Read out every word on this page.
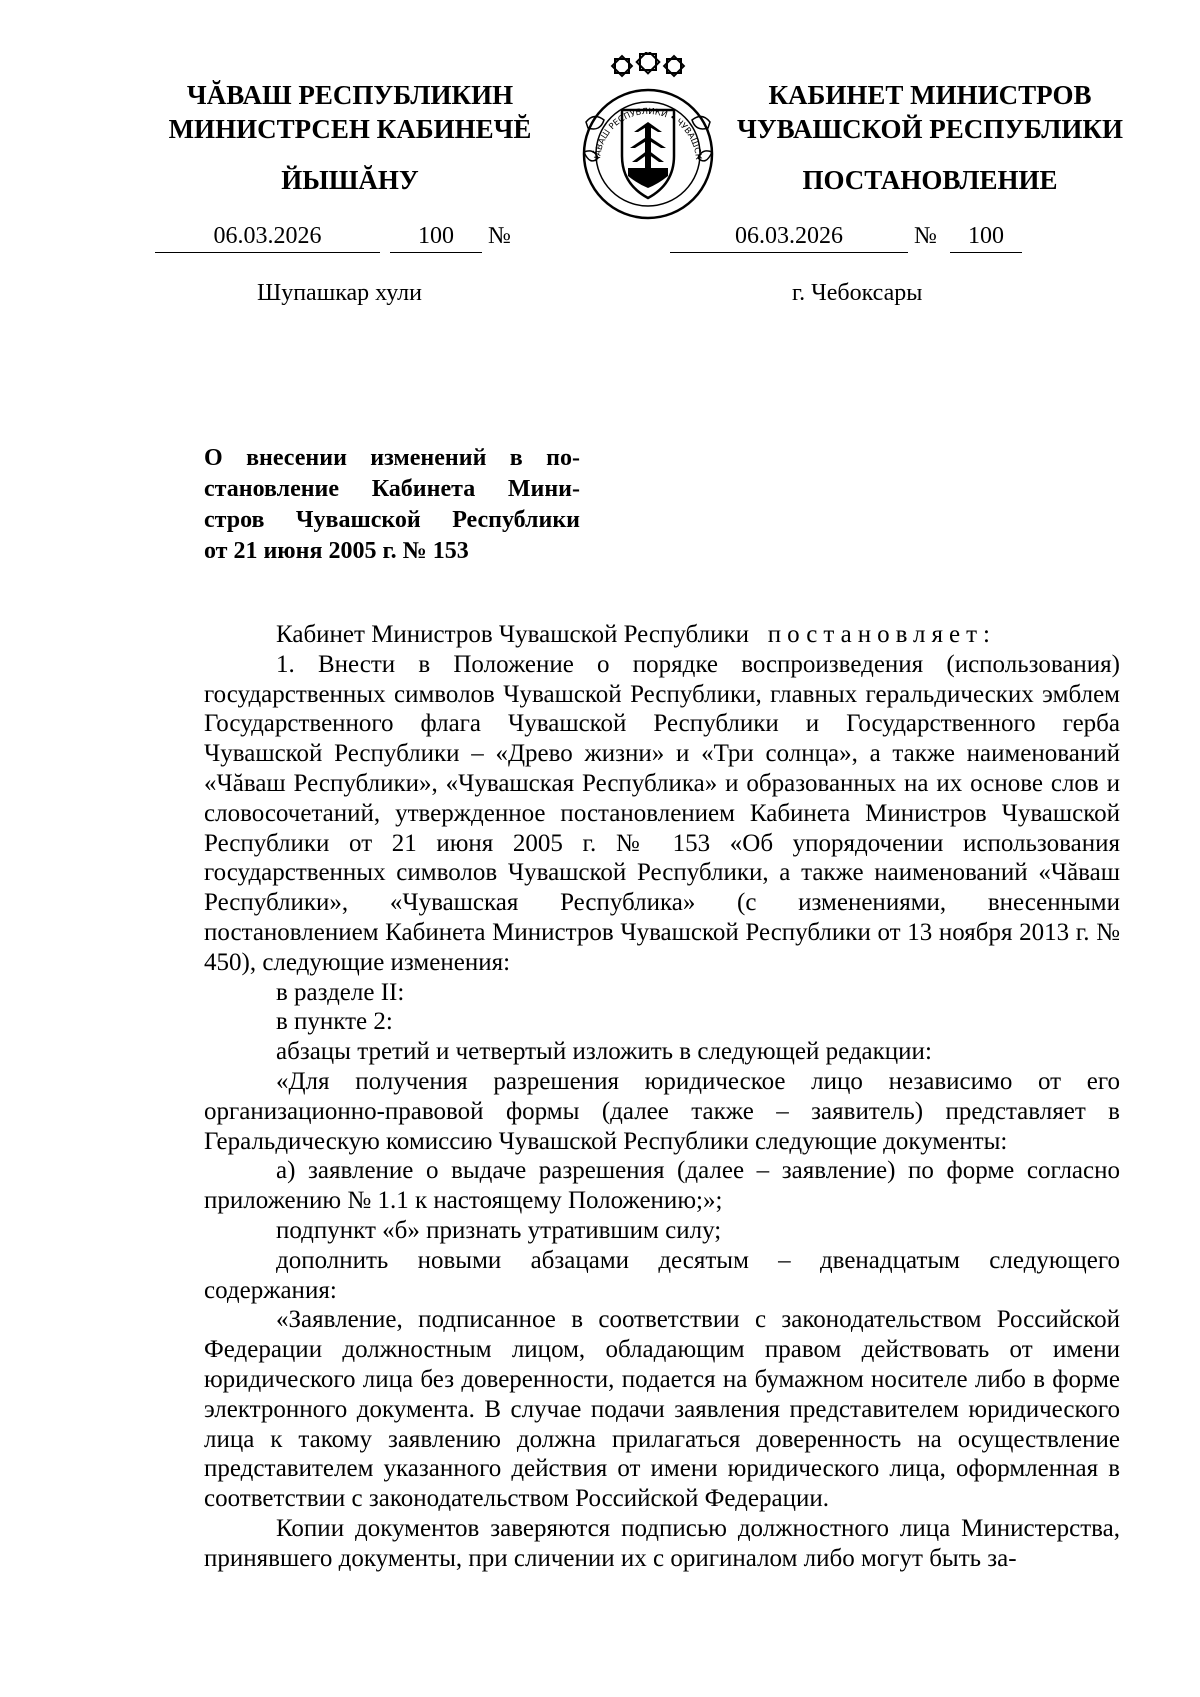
ЧĂВАШ РЕСПУБЛИКИН
МИНИСТРСЕН КАБИНЕЧĔ
ЙЫШĂНУ
КАБИНЕТ МИНИСТРОВ
ЧУВАШСКОЙ РЕСПУБЛИКИ
ПОСТАНОВЛЕНИЕ
ЧĂВАШ РЕСПУБЛИКИ • ЧУВАШСК
06.03.2026	100	№	06.03.2026	№	100
Шупашкар хули	г. Чебоксары
О внесении изменений в по-
становление Кабинета Мини-
стров Чувашской Республики
от 21 июня 2005 г. № 153

Кабинет Министров Чувашской Республики постановляет:

1. Внести в Положение о порядке воспроизведения (использования) государственных символов Чувашской Республики, главных геральдических эмблем Государственного флага Чувашской Республики и Государственного герба Чувашской Республики – «Древо жизни» и «Три солнца», а также наименований «Чăваш Республики», «Чувашская Республика» и образованных на их основе слов и словосочетаний, утвержденное постановлением Кабинета Министров Чувашской Республики от 21 июня 2005 г. № 153 «Об упорядочении использования государственных символов Чувашской Республики, а также наименований «Чăваш Республики», «Чувашская Республика» (с изменениями, внесенными постановлением Кабинета Министров Чувашской Республики от 13 ноября 2013 г. № 450), следующие изменения:

в разделе II:

в пункте 2:

абзацы третий и четвертый изложить в следующей редакции:

«Для получения разрешения юридическое лицо независимо от его организационно-правовой формы (далее также – заявитель) представляет в Геральдическую комиссию Чувашской Республики следующие документы:

а) заявление о выдаче разрешения (далее – заявление) по форме согласно приложению № 1.1 к настоящему Положению;»;

подпункт «б» признать утратившим силу;

дополнить новыми абзацами десятым – двенадцатым следующего содержания:

«Заявление, подписанное в соответствии с законодательством Российской Федерации должностным лицом, обладающим правом действовать от имени юридического лица без доверенности, подается на бумажном носителе либо в форме электронного документа. В случае подачи заявления представителем юридического лица к такому заявлению должна прилагаться доверенность на осуществление представителем указанного действия от имени юридического лица, оформленная в соответствии с законодательством Российской Федерации.

Копии документов заверяются подписью должностного лица Министерства, принявшего документы, при сличении их с оригиналом либо могут быть за-
